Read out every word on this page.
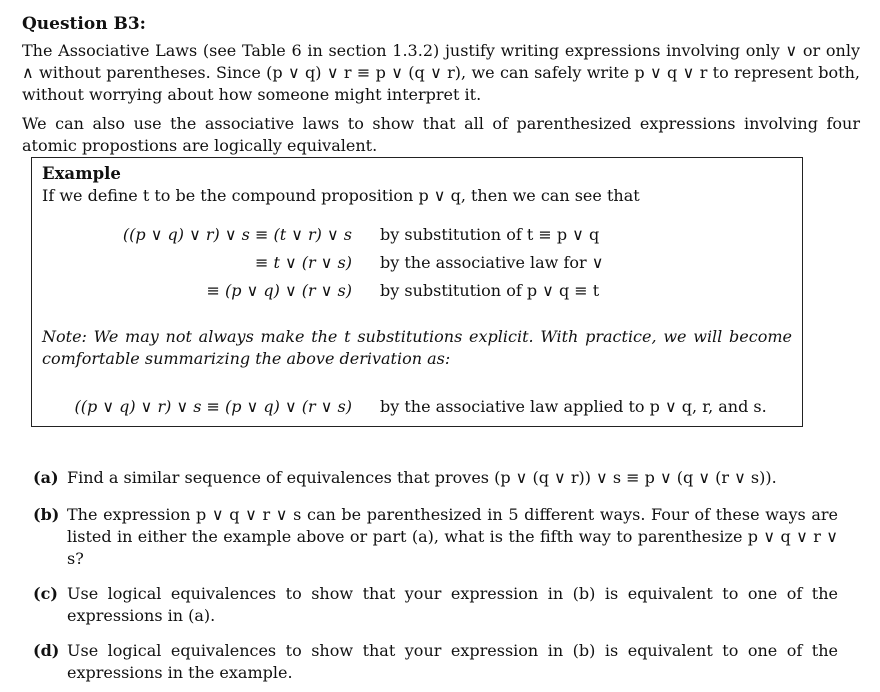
Question B3:

The Associative Laws (see Table 6 in section 1.3.2) justify writing expressions involving only ∨ or only ∧ without parentheses. Since (p ∨ q) ∨ r ≡ p ∨ (q ∨ r), we can safely write p ∨ q ∨ r to represent both, without worrying about how someone might interpret it.

We can also use the associative laws to show that all of parenthesized expressions involving four atomic propostions are logically equivalent.

Example
If we define t to be the compound proposition p ∨ q, then we can see that
((p ∨ q) ∨ r) ∨ s ≡ (t ∨ r) ∨ s by substitution of t ≡ p ∨ q
≡ t ∨ (r ∨ s) by the associative law for ∨
≡ (p ∨ q) ∨ (r ∨ s) by substitution of p ∨ q ≡ t
Note: We may not always make the t substitutions explicit. With practice, we will become comfortable summarizing the above derivation as:
((p ∨ q) ∨ r) ∨ s ≡ (p ∨ q) ∨ (r ∨ s) by the associative law applied to p ∨ q, r, and s.
(a) Find a similar sequence of equivalences that proves (p ∨ (q ∨ r)) ∨ s ≡ p ∨ (q ∨ (r ∨ s)).
(b) The expression p ∨ q ∨ r ∨ s can be parenthesized in 5 different ways. Four of these ways are listed in either the example above or part (a), what is the fifth way to parenthesize p ∨ q ∨ r ∨ s?
(c) Use logical equivalences to show that your expression in (b) is equivalent to one of the expressions in (a).
(d) Use logical equivalences to show that your expression in (b) is equivalent to one of the expressions in the example.
